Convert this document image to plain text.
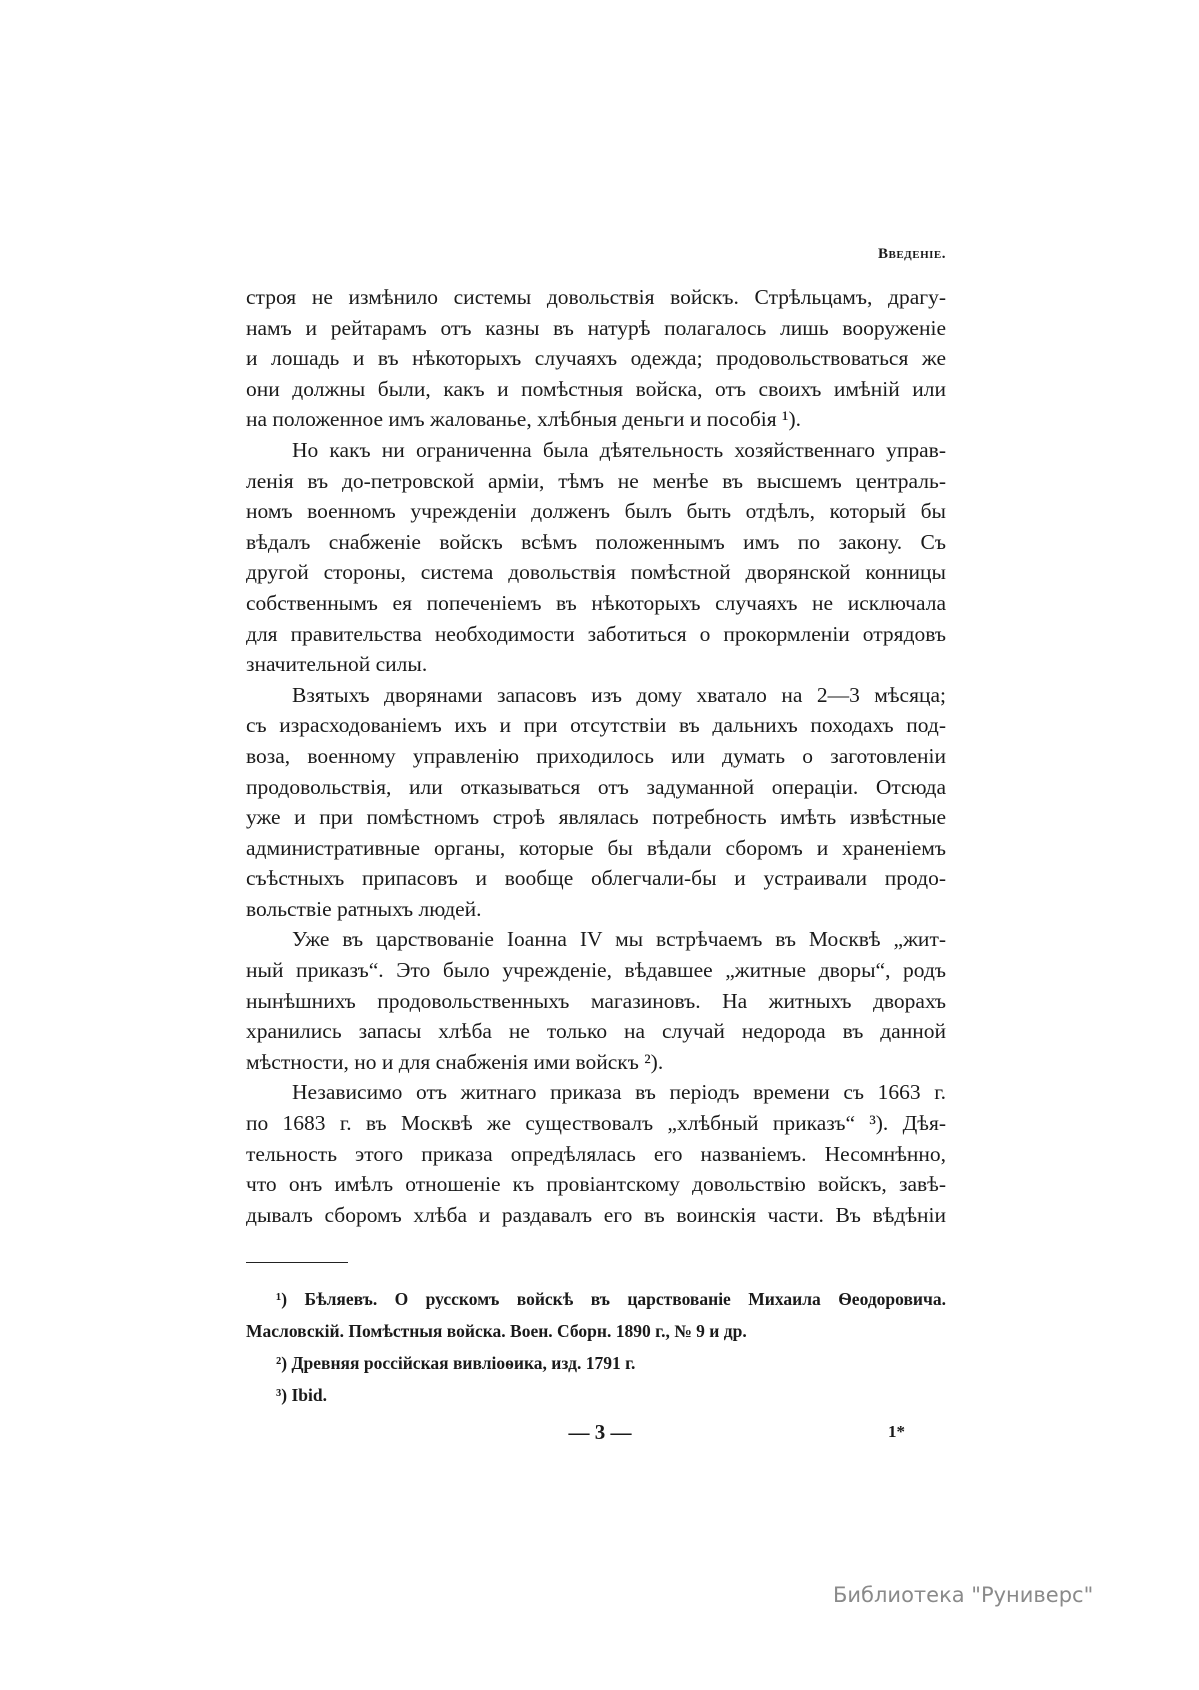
Введеніе.
строя не измѣнило системы довольствія войскъ. Стрѣльцамъ, драгу-
намъ и рейтарамъ отъ казны въ натурѣ полагалось лишь вооруженіе
и лошадь и въ нѣкоторыхъ случаяхъ одежда; продовольствоваться же
они должны были, какъ и помѣстныя войска, отъ своихъ имѣній или
на положенное имъ жалованье, хлѣбныя деньги и пособія ¹).
Но какъ ни ограниченна была дѣятельность хозяйственнаго управ-
ленія въ до-петровской арміи, тѣмъ не менѣе въ высшемъ централь-
номъ военномъ учрежденіи долженъ былъ быть отдѣлъ, который бы
вѣдалъ снабженіе войскъ всѣмъ положеннымъ имъ по закону. Съ
другой стороны, система довольствія помѣстной дворянской конницы
собственнымъ ея попеченіемъ въ нѣкоторыхъ случаяхъ не исключала
для правительства необходимости заботиться о прокормленіи отрядовъ
значительной силы.
Взятыхъ дворянами запасовъ изъ дому хватало на 2—3 мѣсяца;
съ израсходованіемъ ихъ и при отсутствіи въ дальнихъ походахъ под-
воза, военному управленію приходилось или думать о заготовленіи
продовольствія, или отказываться отъ задуманной операціи. Отсюда
уже и при помѣстномъ строѣ являлась потребность имѣть извѣстные
административные органы, которые бы вѣдали сборомъ и храненіемъ
съѣстныхъ припасовъ и вообще облегчали-бы и устраивали продо-
вольствіе ратныхъ людей.
Уже въ царствованіе Іоанна IV мы встрѣчаемъ въ Москвѣ „жит-
ный приказъ“. Это было учрежденіе, вѣдавшее „житные дворы“, родъ
нынѣшнихъ продовольственныхъ магазиновъ. На житныхъ дворахъ
хранились запасы хлѣба не только на случай недорода въ данной
мѣстности, но и для снабженія ими войскъ ²).
Независимо отъ житнаго приказа въ періодъ времени съ 1663 г.
по 1683 г. въ Москвѣ же существовалъ „хлѣбный приказъ“ ³). Дѣя-
тельность этого приказа опредѣлялась его названіемъ. Несомнѣнно,
что онъ имѣлъ отношеніе къ провіантскому довольствію войскъ, завѣ-
дывалъ сборомъ хлѣба и раздавалъ его въ воинскія части. Въ вѣдѣніи
¹) Бѣляевъ. О русскомъ войскѣ въ царствованіе Михаила Ѳеодоровича.
Масловскій. Помѣстныя войска. Воен. Сборн. 1890 г., № 9 и др.
²) Древняя россійская вивліоѳика, изд. 1791 г.
³) Ibid.
— 3 —	1*
Библиотека "Руниверс"
